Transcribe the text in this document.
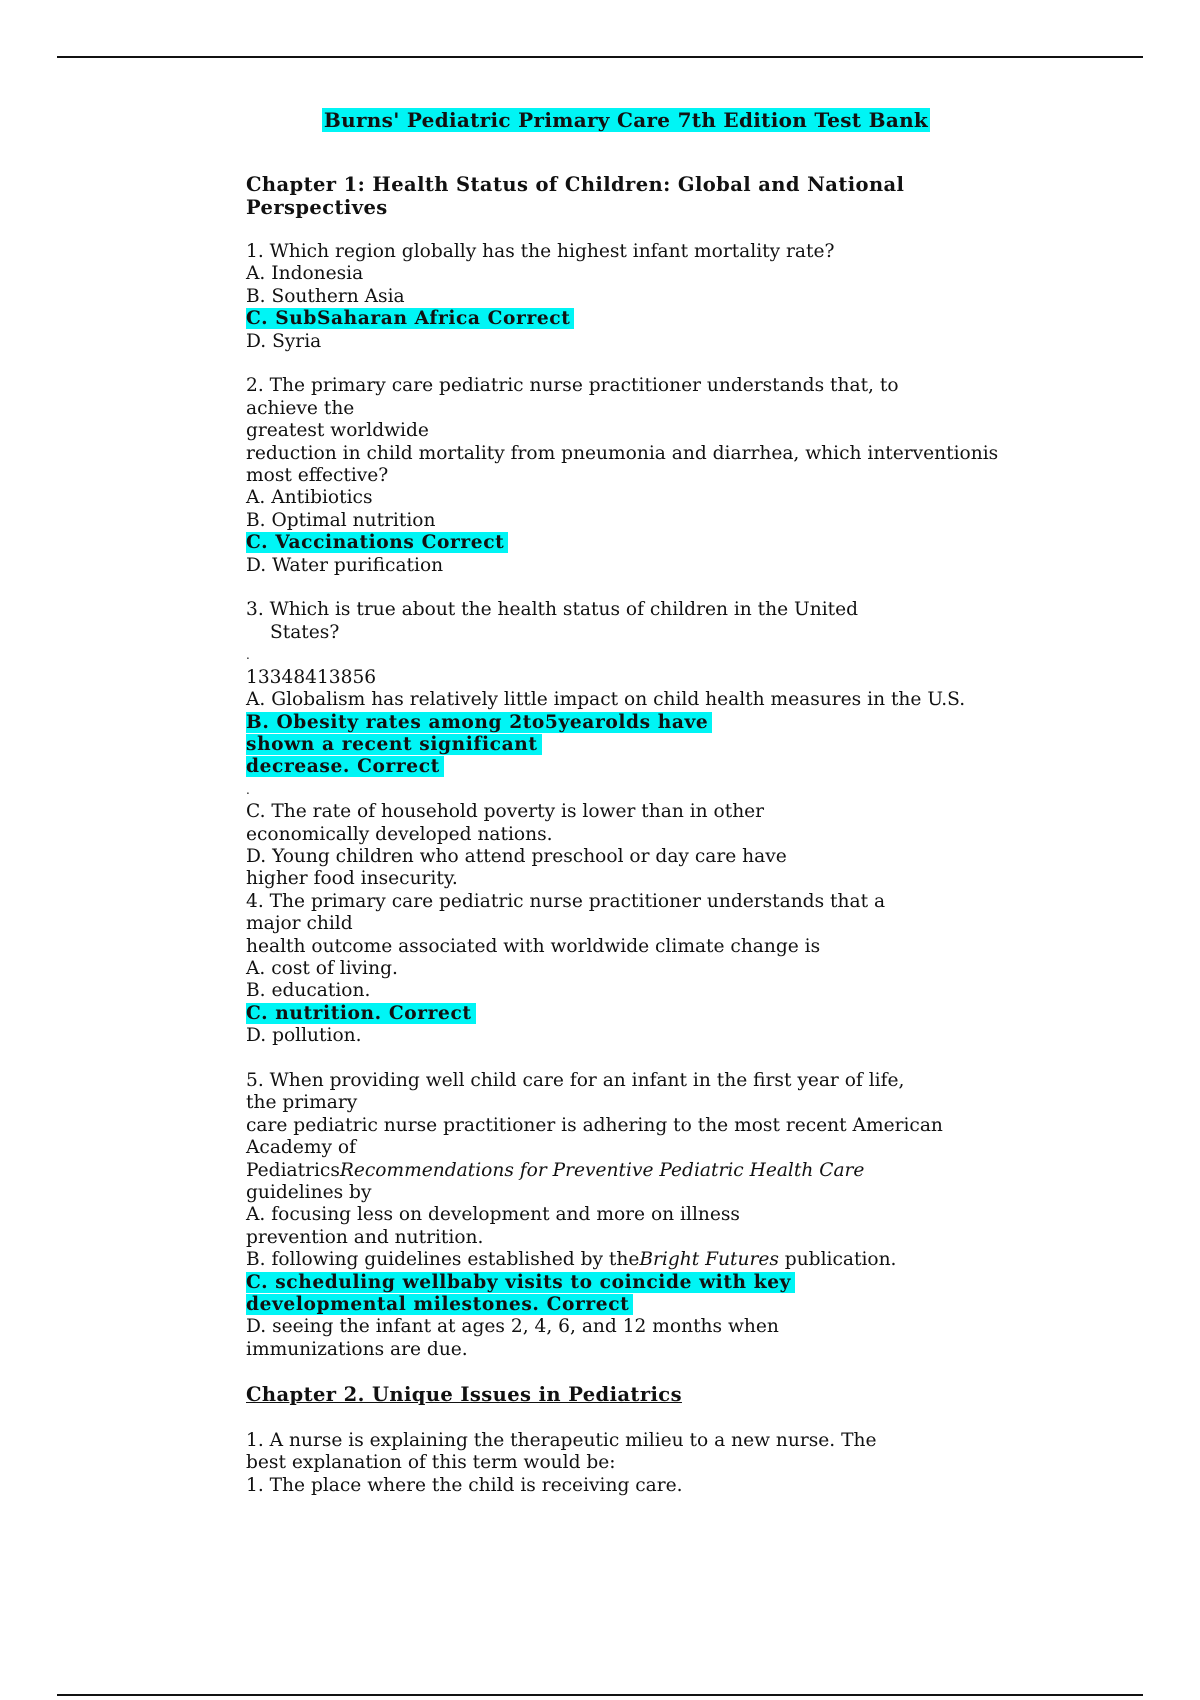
Burns' Pediatric Primary Care 7th Edition Test Bank
Chapter 1: Health Status of Children: Global and National
Perspectives
1. Which region globally has the highest infant mortality rate?
A. Indonesia
B. Southern Asia
C. SubSaharan Africa Correct
D. Syria
2. The primary care pediatric nurse practitioner understands that, to
achieve the
greatest worldwide
reduction in child mortality from pneumonia and diarrhea, which interventionis
most effective?
A. Antibiotics
B. Optimal nutrition
C. Vaccinations Correct
D. Water purification
3. Which is true about the health status of children in the United
States?
.
13348413856
A. Globalism has relatively little impact on child health measures in the U.S.
B. Obesity rates among 2to5yearolds have
shown a recent significant
decrease. Correct
.
C. The rate of household poverty is lower than in other
economically developed nations.
D. Young children who attend preschool or day care have
higher food insecurity.
4. The primary care pediatric nurse practitioner understands that a
major child
health outcome associated with worldwide climate change is
A. cost of living.
B. education.
C. nutrition. Correct
D. pollution.
5. When providing well child care for an infant in the first year of life,
the primary
care pediatric nurse practitioner is adhering to the most recent American
Academy of
PediatricsRecommendations for Preventive Pediatric Health Care
guidelines by
A. focusing less on development and more on illness
prevention and nutrition.
B. following guidelines established by theBright Futures publication.
C. scheduling wellbaby visits to coincide with key
developmental milestones. Correct
D. seeing the infant at ages 2, 4, 6, and 12 months when
immunizations are due.
Chapter 2. Unique Issues in Pediatrics
1. A nurse is explaining the therapeutic milieu to a new nurse. The
best explanation of this term would be:
1. The place where the child is receiving care.
